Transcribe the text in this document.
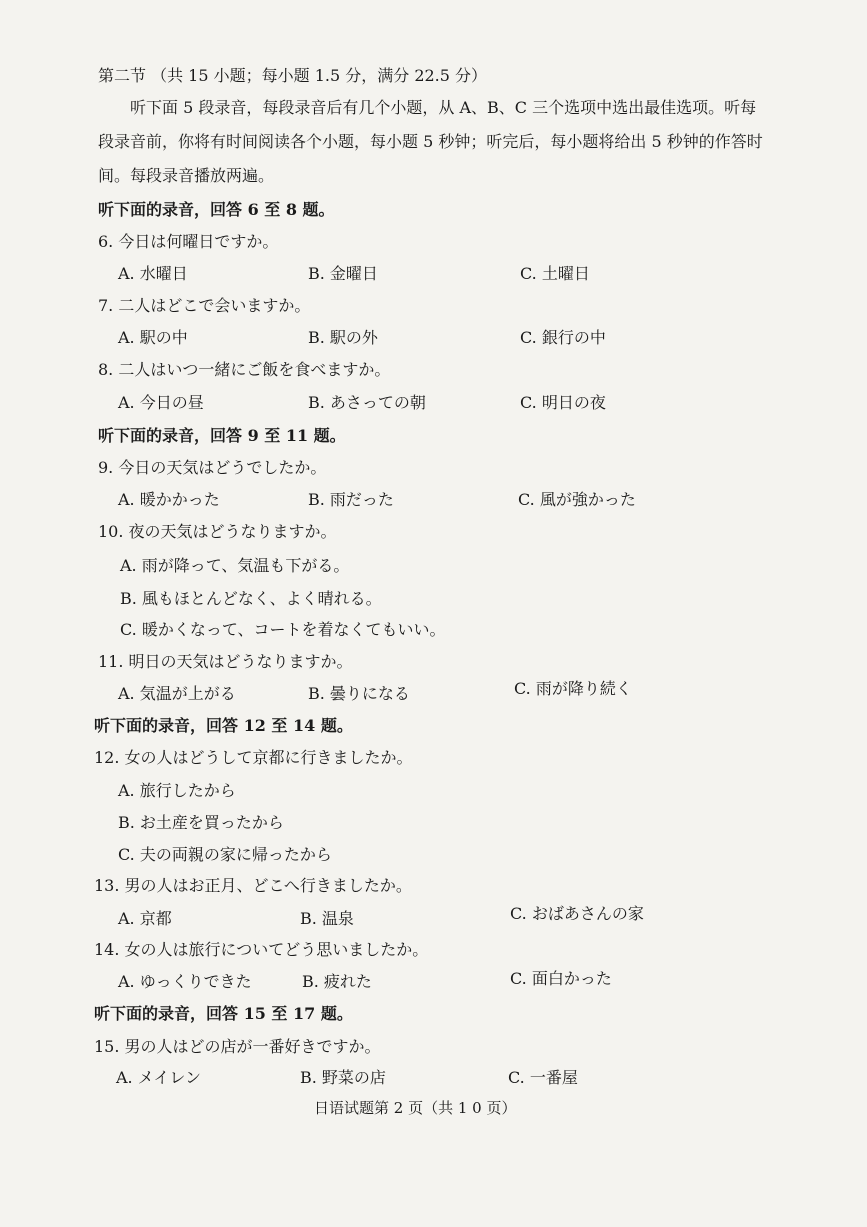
第二节 （共 15 小题；每小题 1.5 分，满分 22.5 分）
听下面 5 段录音，每段录音后有几个小题，从 A、B、C 三个选项中选出最佳选项。听每
段录音前，你将有时间阅读各个小题，每小题 5 秒钟；听完后，每小题将给出 5 秒钟的作答时
间。每段录音播放两遍。
听下面的录音，回答 6 至 8 题。
6. 今日は何曜日ですか。
A. 水曜日	B. 金曜日	C. 土曜日
7. 二人はどこで会いますか。
A. 駅の中	B. 駅の外	C. 銀行の中
8. 二人はいつ一緒にご飯を食べますか。
A. 今日の昼	B. あさっての朝	C. 明日の夜
听下面的录音，回答 9 至 11 题。
9. 今日の天気はどうでしたか。
A. 暖かかった	B. 雨だった	C. 風が強かった
10. 夜の天気はどうなりますか。
A. 雨が降って、気温も下がる。
B. 風もほとんどなく、よく晴れる。
C. 暖かくなって、コートを着なくてもいい。
11. 明日の天気はどうなりますか。
A. 気温が上がる	B. 曇りになる	C. 雨が降り続く
听下面的录音，回答 12 至 14 题。
12. 女の人はどうして京都に行きましたか。
A. 旅行したから
B. お土産を買ったから
C. 夫の両親の家に帰ったから
13. 男の人はお正月、どこへ行きましたか。
A. 京都	B. 温泉	C. おばあさんの家
14. 女の人は旅行についてどう思いましたか。
A. ゆっくりできた	B. 疲れた	C. 面白かった
听下面的录音，回答 15 至 17 题。
15. 男の人はどの店が一番好きですか。
A. メイレン	B. 野菜の店	C. 一番屋
日语试题第 2 页（共 1 0 页）
